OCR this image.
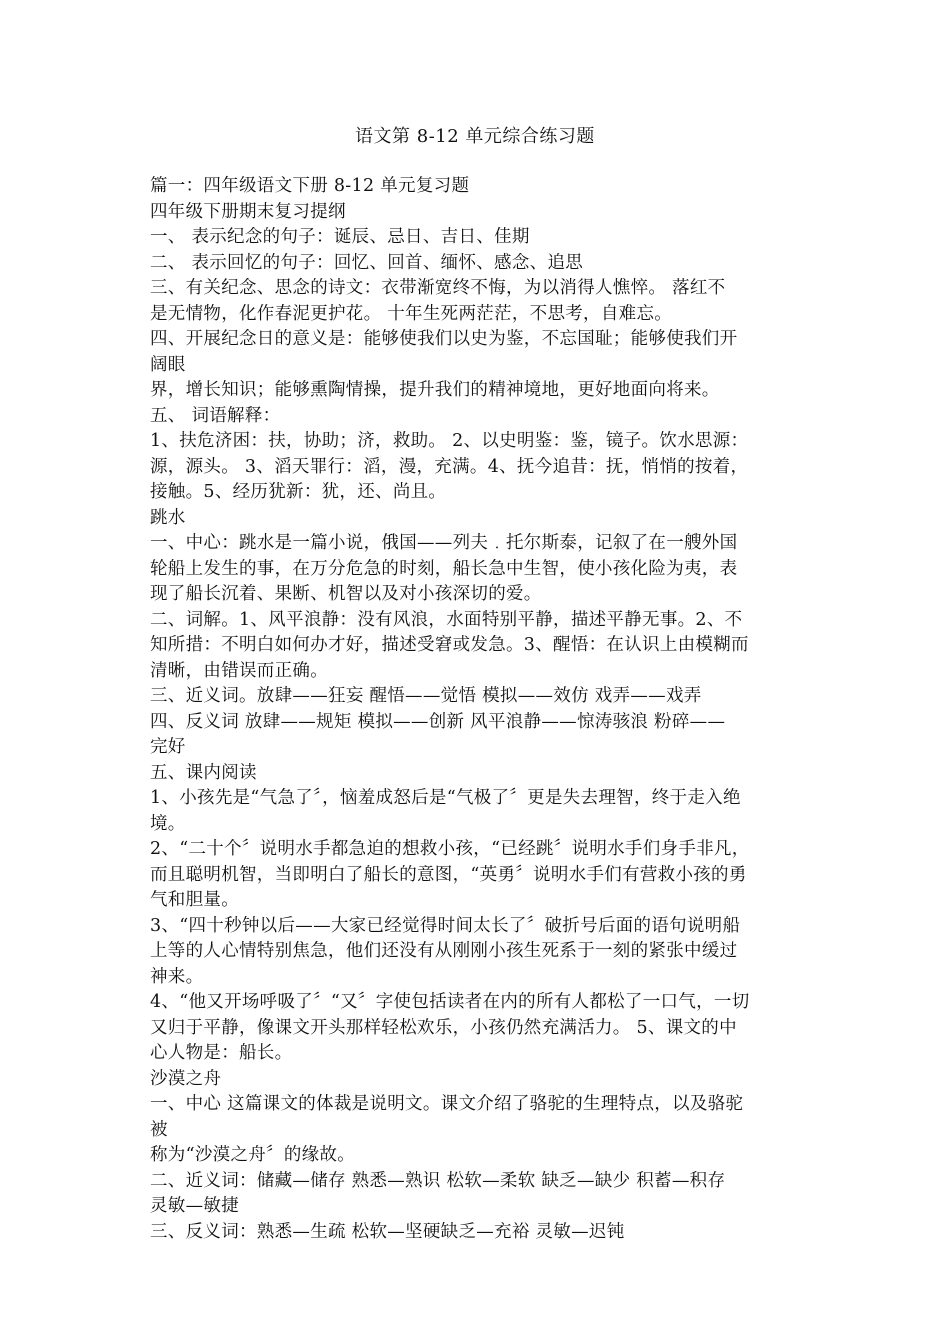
语文第 8-12 单元综合练习题
篇一：四年级语文下册 8-12 单元复习题
四年级下册期末复习提纲
一、 表示纪念的句子：诞辰、忌日、吉日、佳期
二、 表示回忆的句子：回忆、回首、缅怀、感念、追思
三、有关纪念、思念的诗文：衣带渐宽终不悔，为以消得人憔悴。 落红不
是无情物，化作春泥更护花。 十年生死两茫茫，不思考，自难忘。
四、开展纪念日的意义是：能够使我们以史为鉴，不忘国耻；能够使我们开
阔眼
界，增长知识；能够熏陶情操，提升我们的精神境地，更好地面向将来。
五、 词语解释：
1、扶危济困：扶，协助；济，救助。 2、以史明鉴：鉴，镜子。饮水思源：
源，源头。 3、滔天罪行：滔，漫，充满。4、抚今追昔：抚，悄悄的按着，
接触。5、经历犹新：犹，还、尚且。
跳水
一、中心：跳水是一篇小说，俄国——列夫﹒托尔斯泰，记叙了在一艘外国
轮船上发生的事，在万分危急的时刻，船长急中生智，使小孩化险为夷，表
现了船长沉着、果断、机智以及对小孩深切的爱。
二、词解。1、风平浪静：没有风浪，水面特别平静，描述平静无事。2、不
知所措：不明白如何办才好，描述受窘或发急。3、醒悟：在认识上由模糊而
清晰，由错误而正确。
三、近义词。放肆——狂妄 醒悟——觉悟 模拟——效仿 戏弄——戏弄
四、反义词 放肆——规矩 模拟——创新 风平浪静——惊涛骇浪 粉碎——
完好
五、课内阅读
1、小孩先是“气急了〞，恼羞成怒后是“气极了〞更是失去理智，终于走入绝
境。
2、“二十个〞说明水手都急迫的想救小孩，“已经跳〞说明水手们身手非凡，
而且聪明机智，当即明白了船长的意图，“英勇〞说明水手们有营救小孩的勇
气和胆量。
3、“四十秒钟以后——大家已经觉得时间太长了〞破折号后面的语句说明船
上等的人心情特别焦急，他们还没有从刚刚小孩生死系于一刻的紧张中缓过
神来。
4、“他又开场呼吸了〞“又〞字使包括读者在内的所有人都松了一口气，一切
又归于平静，像课文开头那样轻松欢乐，小孩仍然充满活力。 5、课文的中
心人物是：船长。
沙漠之舟
一、中心 这篇课文的体裁是说明文。课文介绍了骆驼的生理特点，以及骆驼
被
称为“沙漠之舟〞的缘故。
二、近义词：储藏—储存 熟悉—熟识 松软—柔软 缺乏—缺少 积蓄—积存
灵敏—敏捷
三、反义词：熟悉—生疏 松软—坚硬缺乏—充裕 灵敏—迟钝
